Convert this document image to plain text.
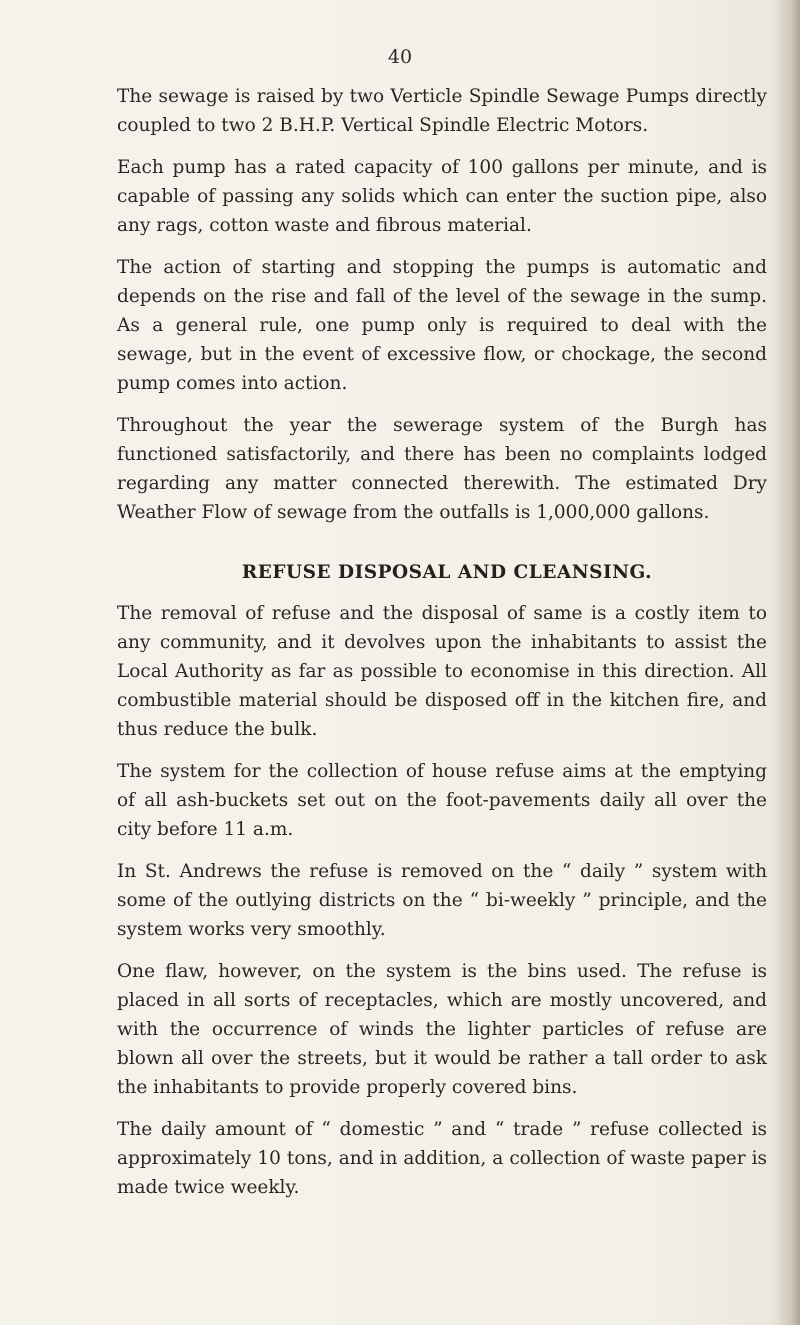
40

The sewage is raised by two Verticle Spindle Sewage Pumps directly coupled to two 2 B.H.P. Vertical Spindle Electric Motors.

Each pump has a rated capacity of 100 gallons per minute, and is capable of passing any solids which can enter the suction pipe, also any rags, cotton waste and fibrous material.

The action of starting and stopping the pumps is automatic and depends on the rise and fall of the level of the sewage in the sump. As a general rule, one pump only is required to deal with the sewage, but in the event of excessive flow, or chockage, the second pump comes into action.

Throughout the year the sewerage system of the Burgh has functioned satisfactorily, and there has been no complaints lodged regarding any matter connected therewith. The estimated Dry Weather Flow of sewage from the outfalls is 1,000,000 gallons.

REFUSE DISPOSAL AND CLEANSING.

The removal of refuse and the disposal of same is a costly item to any community, and it devolves upon the inhabitants to assist the Local Authority as far as possible to economise in this direction. All combustible material should be disposed off in the kitchen fire, and thus reduce the bulk.

The system for the collection of house refuse aims at the emptying of all ash-buckets set out on the foot-pavements daily all over the city before 11 a.m.

In St. Andrews the refuse is removed on the “ daily ” system with some of the outlying districts on the “ bi-weekly ” principle, and the system works very smoothly.

One flaw, however, on the system is the bins used. The refuse is placed in all sorts of receptacles, which are mostly uncovered, and with the occurrence of winds the lighter particles of refuse are blown all over the streets, but it would be rather a tall order to ask the inhabitants to provide properly covered bins.

The daily amount of “ domestic ” and “ trade ” refuse collected is approximately 10 tons, and in addition, a collection of waste paper is made twice weekly.
